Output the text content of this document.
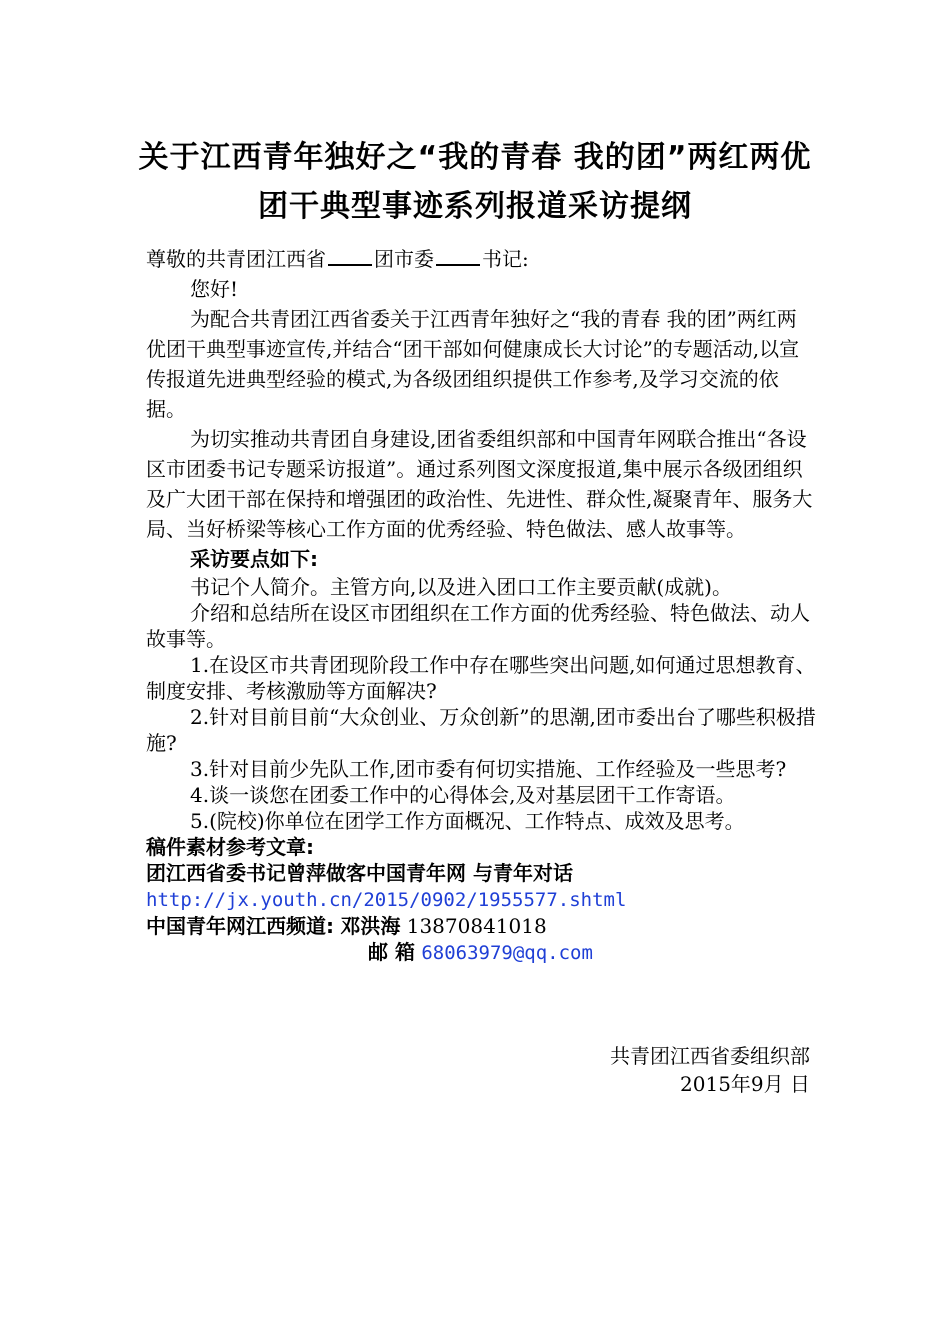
关于江西青年独好之“我的青春 我的团”两红两优
团干典型事迹系列报道采访提纲

尊敬的共青团江西省 团市委 书记:

您好!

为配合共青团江西省委关于江西青年独好之“我的青春 我的团”两红两优团干典型事迹宣传,并结合“团干部如何健康成长大讨论”的专题活动,以宣传报道先进典型经验的模式,为各级团组织提供工作参考,及学习交流的依据。

为切实推动共青团自身建设,团省委组织部和中国青年网联合推出“各设区市团委书记专题采访报道”。通过系列图文深度报道,集中展示各级团组织及广大团干部在保持和增强团的政治性、先进性、群众性,凝聚青年、服务大局、当好桥梁等核心工作方面的优秀经验、特色做法、感人故事等。

采访要点如下:

书记个人简介。主管方向,以及进入团口工作主要贡献(成就)。

介绍和总结所在设区市团组织在工作方面的优秀经验、特色做法、动人故事等。

1.在设区市共青团现阶段工作中存在哪些突出问题,如何通过思想教育、制度安排、考核激励等方面解决?

2.针对目前目前“大众创业、万众创新”的思潮,团市委出台了哪些积极措施?

3.针对目前少先队工作,团市委有何切实措施、工作经验及一些思考?

4.谈一谈您在团委工作中的心得体会,及对基层团干工作寄语。

5.(院校)你单位在团学工作方面概况、工作特点、成效及思考。

稿件素材参考文章:

团江西省委书记曾萍做客中国青年网 与青年对话 http://jx.youth.cn/2015/0902/1955577.shtml

中国青年网江西频道: 邓洪海 13870841018

邮 箱 68063979@qq.com

共青团江西省委组织部
2015年9月 日
